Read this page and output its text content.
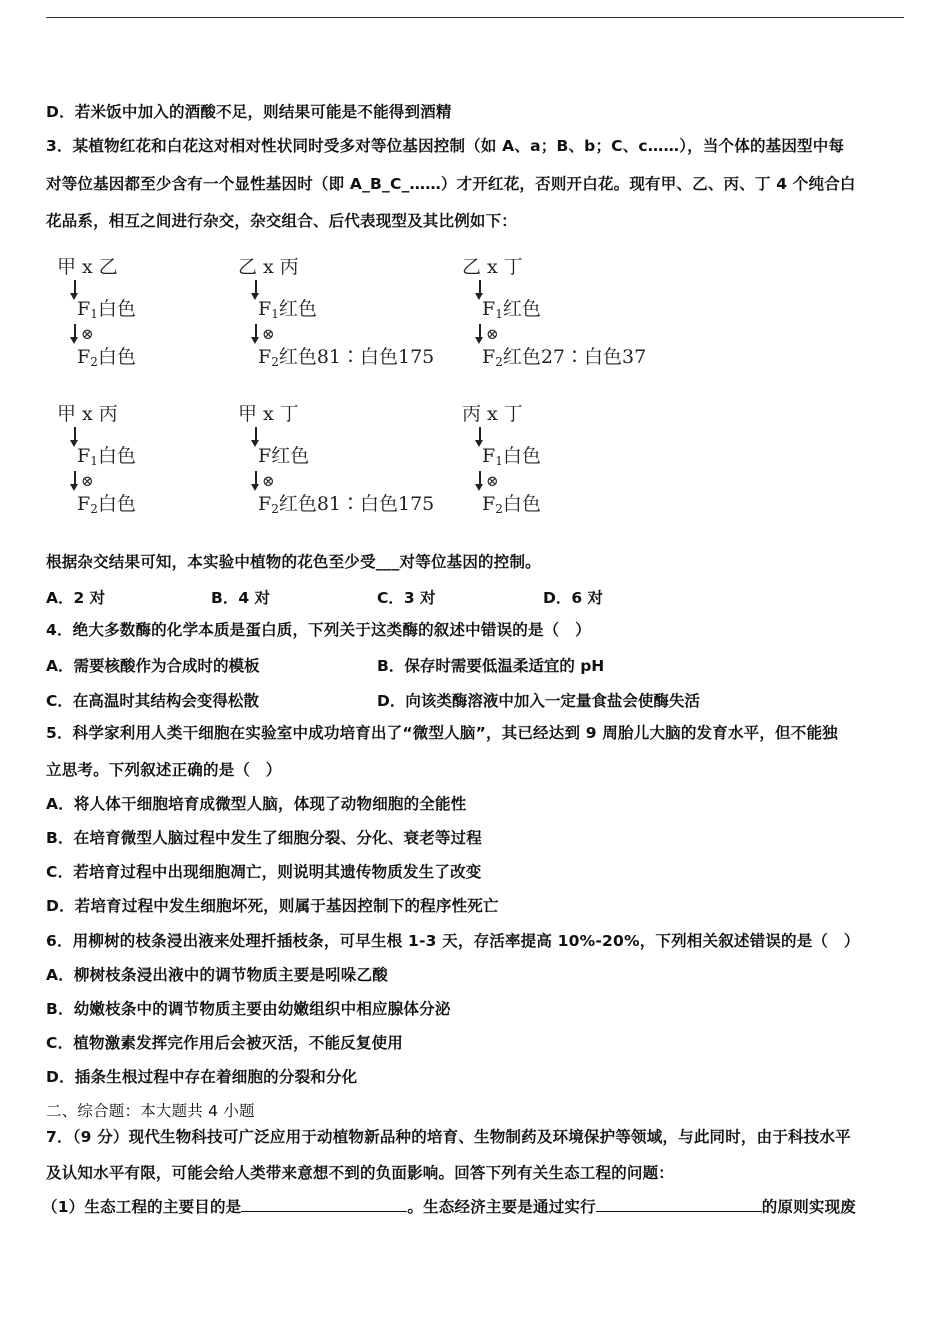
D．若米饭中加入的酒酸不足，则结果可能是不能得到酒精
3．某植物红花和白花这对相对性状同时受多对等位基因控制（如 A、a；B、b；C、c……），当个体的基因型中每
对等位基因都至少含有一个显性基因时（即 A_B_C_……）才开红花，否则开白花。现有甲、乙、丙、丁 4 个纯合白
花品系，相互之间进行杂交，杂交组合、后代表现型及其比例如下：
甲 x 乙
$F_1$白色
⊗
$F_2$白色
乙 x 丙
$F_1$红色
⊗
$F_2$红色81∶白色175
乙 x 丁
$F_1$红色
⊗
$F_2$红色27∶白色37
甲 x 丙
$F_1$白色
⊗
$F_2$白色
甲 x 丁
F红色
⊗
$F_2$红色81∶白色175
丙 x 丁
$F_1$白色
⊗
$F_2$白色
根据杂交结果可知，本实验中植物的花色至少受___对等位基因的控制。
A．2 对	B．4 对	C．3 对	D．6 对
4．绝大多数酶的化学本质是蛋白质，下列关于这类酶的叙述中错误的是（　）
A．需要核酸作为合成时的模板	B．保存时需要低温柔适宜的 pH
C．在高温时其结构会变得松散	D．向该类酶溶液中加入一定量食盐会使酶失活
5．科学家利用人类干细胞在实验室中成功培育出了“微型人脑”，其已经达到 9 周胎儿大脑的发育水平，但不能独
立思考。下列叙述正确的是（　）
A．将人体干细胞培育成微型人脑，体现了动物细胞的全能性
B．在培育微型人脑过程中发生了细胞分裂、分化、衰老等过程
C．若培育过程中出现细胞凋亡，则说明其遗传物质发生了改变
D．若培育过程中发生细胞坏死，则属于基因控制下的程序性死亡
6．用柳树的枝条浸出液来处理扦插枝条，可早生根 1-3 天，存活率提高 10%-20%，下列相关叙述错误的是（　）
A．柳树枝条浸出液中的调节物质主要是吲哚乙酸
B．幼嫩枝条中的调节物质主要由幼嫩组织中相应腺体分泌
C．植物激素发挥完作用后会被灭活，不能反复使用
D．插条生根过程中存在着细胞的分裂和分化
二、综合题：本大题共 4 小题
7．（9 分）现代生物科技可广泛应用于动植物新品种的培育、生物制药及环境保护等领域，与此同时，由于科技水平
及认知水平有限，可能会给人类带来意想不到的负面影响。回答下列有关生态工程的问题：
（1）生态工程的主要目的是	。生态经济主要是通过实行	的原则实现废
